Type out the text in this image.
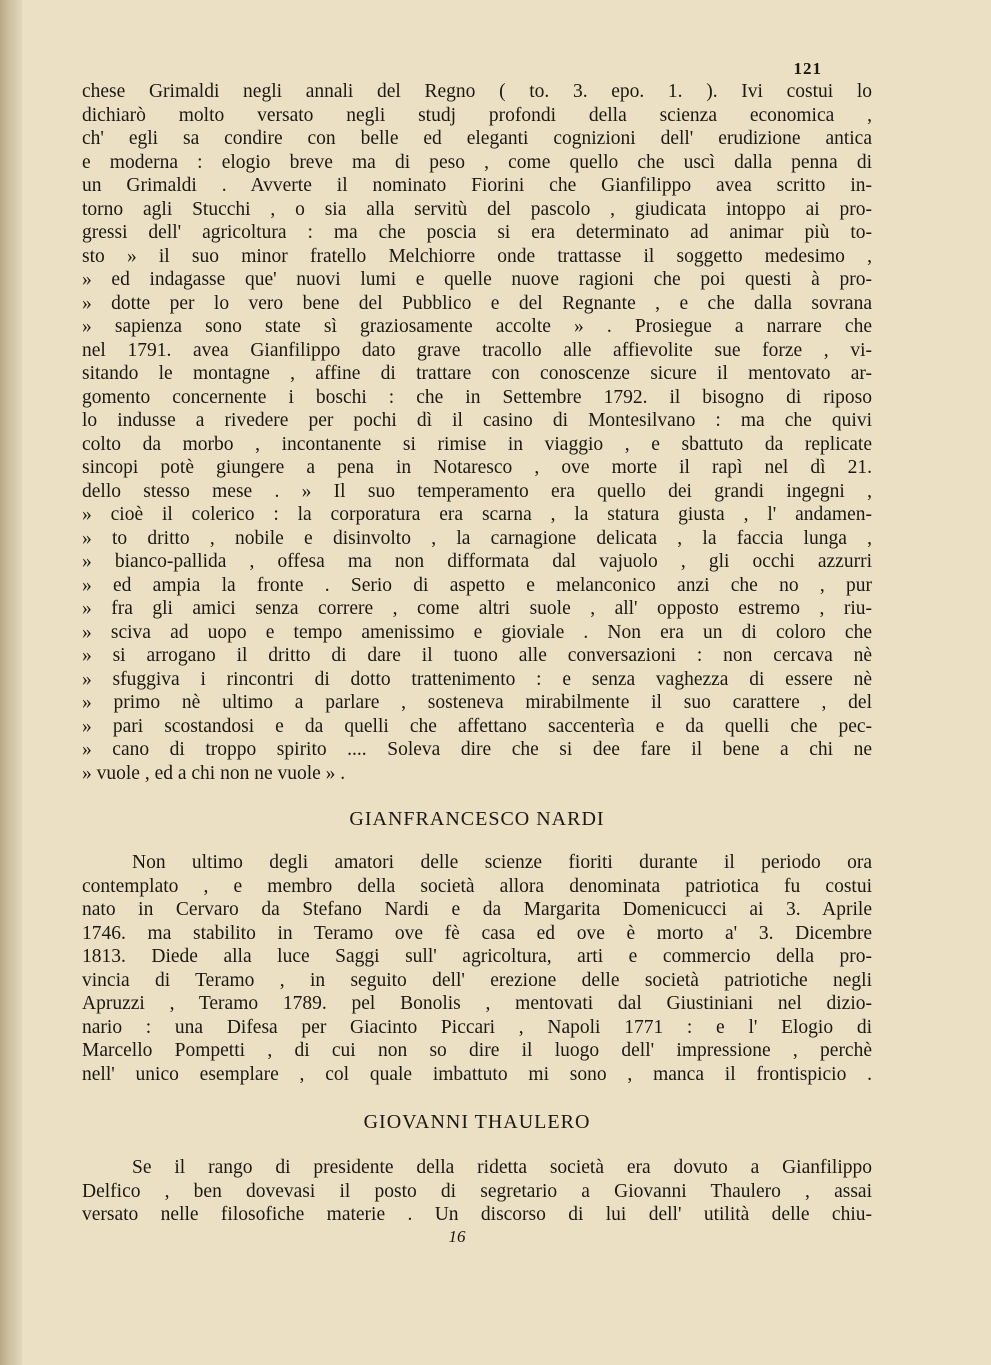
121
chese Grimaldi negli annali del Regno ( to. 3. epo. 1. ). Ivi costui lo
dichiarò molto versato negli studj profondi della scienza economica ,
ch' egli sa condire con belle ed eleganti cognizioni dell' erudizione antica
e moderna : elogio breve ma di peso , come quello che uscì dalla penna di
un Grimaldi . Avverte il nominato Fiorini che Gianfilippo avea scritto in-
torno agli Stucchi , o sia alla servitù del pascolo , giudicata intoppo ai pro-
gressi dell' agricoltura : ma che poscia si era determinato ad animar più to-
sto » il suo minor fratello Melchiorre onde trattasse il soggetto medesimo ,
» ed indagasse que' nuovi lumi e quelle nuove ragioni che poi questi à pro-
» dotte per lo vero bene del Pubblico e del Regnante , e che dalla sovrana
» sapienza sono state sì graziosamente accolte » . Prosiegue a narrare che
nel 1791. avea Gianfilippo dato grave tracollo alle affievolite sue forze , vi-
sitando le montagne , affine di trattare con conoscenze sicure il mentovato ar-
gomento concernente i boschi : che in Settembre 1792. il bisogno di riposo
lo indusse a rivedere per pochi dì il casino di Montesilvano : ma che quivi
colto da morbo , incontanente si rimise in viaggio , e sbattuto da replicate
sincopi potè giungere a pena in Notaresco , ove morte il rapì nel dì 21.
dello stesso mese . » Il suo temperamento era quello dei grandi ingegni ,
» cioè il colerico : la corporatura era scarna , la statura giusta , l' andamen-
» to dritto , nobile e disinvolto , la carnagione delicata , la faccia lunga ,
» bianco-pallida , offesa ma non difformata dal vajuolo , gli occhi azzurri
» ed ampia la fronte . Serio di aspetto e melanconico anzi che no , pur
» fra gli amici senza correre , come altri suole , all' opposto estremo , riu-
» sciva ad uopo e tempo amenissimo e gioviale . Non era un di coloro che
» si arrogano il dritto di dare il tuono alle conversazioni : non cercava nè
» sfuggiva i rincontri di dotto trattenimento : e senza vaghezza di essere nè
» primo nè ultimo a parlare , sosteneva mirabilmente il suo carattere , del
» pari scostandosi e da quelli che affettano saccenterìa e da quelli che pec-
» cano di troppo spirito .... Soleva dire che si dee fare il bene a chi ne
» vuole , ed a chi non ne vuole » .
GIANFRANCESCO NARDI
Non ultimo degli amatori delle scienze fioriti durante il periodo ora
contemplato , e membro della società allora denominata patriotica fu costui
nato in Cervaro da Stefano Nardi e da Margarita Domenicucci ai 3. Aprile
1746. ma stabilito in Teramo ove fè casa ed ove è morto a' 3. Dicembre
1813. Diede alla luce Saggi sull' agricoltura, arti e commercio della pro-
vincia di Teramo , in seguito dell' erezione delle società patriotiche negli
Apruzzi , Teramo 1789. pel Bonolis , mentovati dal Giustiniani nel dizio-
nario : una Difesa per Giacinto Piccari , Napoli 1771 : e l' Elogio di
Marcello Pompetti , di cui non so dire il luogo dell' impressione , perchè
nell' unico esemplare , col quale imbattuto mi sono , manca il frontispicio .
GIOVANNI THAULERO
Se il rango di presidente della ridetta società era dovuto a Gianfilippo
Delfico , ben dovevasi il posto di segretario a Giovanni Thaulero , assai
versato nelle filosofiche materie . Un discorso di lui dell' utilità delle chiu-
16
